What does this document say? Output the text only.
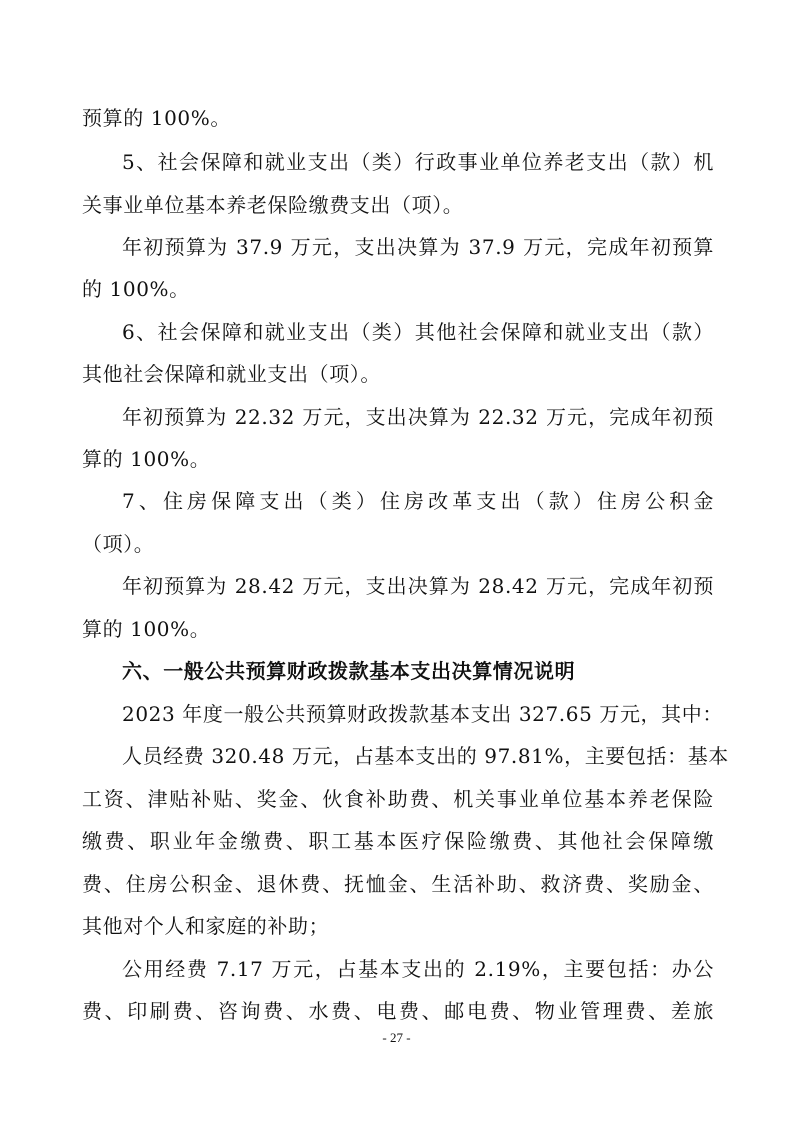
预算的 100%。
5、社会保障和就业支出（类）行政事业单位养老支出（款）机
关事业单位基本养老保险缴费支出（项）。
年初预算为 37.9 万元，支出决算为 37.9 万元，完成年初预算
的 100%。
6、社会保障和就业支出（类）其他社会保障和就业支出（款）
其他社会保障和就业支出（项）。
年初预算为 22.32 万元，支出决算为 22.32 万元，完成年初预
算的 100%。
7、住房保障支出（类）住房改革支出（款）住房公积金
（项）。
年初预算为 28.42 万元，支出决算为 28.42 万元，完成年初预
算的 100%。
六、一般公共预算财政拨款基本支出决算情况说明
2023 年度一般公共预算财政拨款基本支出 327.65 万元，其中：
人员经费 320.48 万元，占基本支出的 97.81%，主要包括：基本
工资、津贴补贴、奖金、伙食补助费、机关事业单位基本养老保险
缴费、职业年金缴费、职工基本医疗保险缴费、其他社会保障缴
费、住房公积金、退休费、抚恤金、生活补助、救济费、奖励金、
其他对个人和家庭的补助；
公用经费 7.17 万元，占基本支出的 2.19%，主要包括：办公
费、印刷费、咨询费、水费、电费、邮电费、物业管理费、差旅
- 27 -
